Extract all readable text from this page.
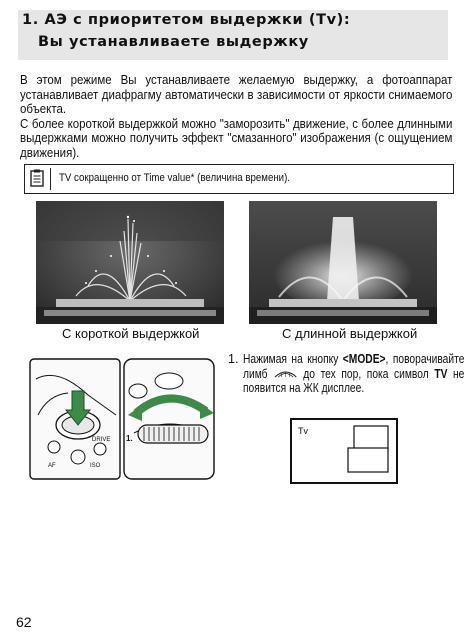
1. АЭ с приоритетом выдержки (Tv):
Вы устанавливаете выдержку

В этом режиме Вы устанавливаете желаемую выдержку, а фотоаппарат устанавливает диафрагму автоматически в зависимости от яркости снимаемого объекта.

С более короткой выдержкой можно "заморозить" движение, с более длинными выдержками можно получить эффект "смазанного" изображения (с ощущением движения).

TV сокращенно от Time value* (величина времени).
С короткой выдержкой	С длинной выдержкой
DRIVE
AF	ISO
1.
1. Нажимая на кнопку <MODE>, поворачивайте лимб  до тех пор, пока символ TV не появится на ЖК дисплее.
Tv
62
